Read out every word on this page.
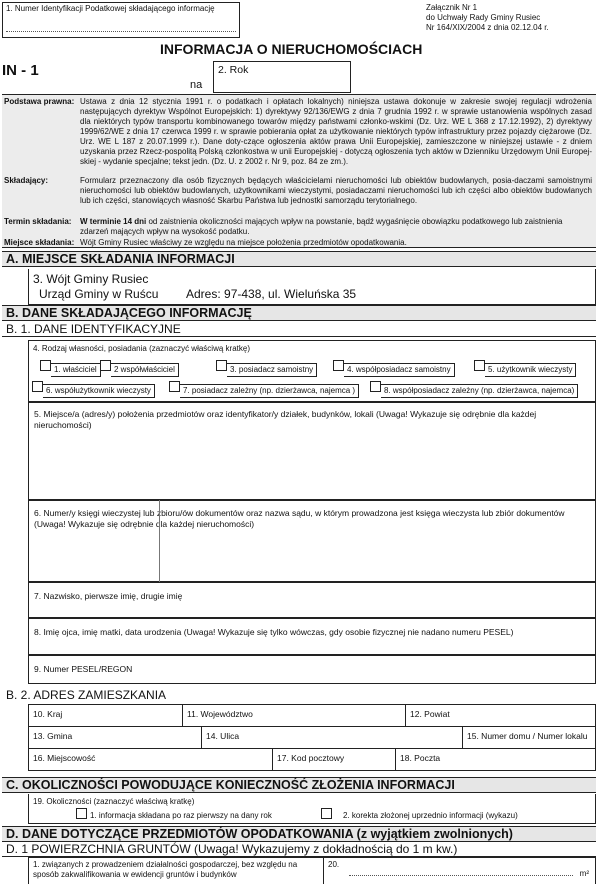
1. Numer Identyfikacji Podatkowej składającego informację	Załącznik Nr 1
do Uchwały Rady Gminy Rusiec
Nr 164/XIX/2004 z dnia 02.12.04 r.
INFORMACJA O NIERUCHOMOŚCIACH
IN - 1
na
2. Rok
Podstawa prawna: Ustawa z dnia 12 stycznia 1991 r. o podatkach i opłatach lokalnych) niniejsza ustawa dokonuje w zakresie swojej regulacji wdrożenia następujących dyrektyw Wspólnot Europejskich: 1) dyrektywy 92/136/EWG z dnia 7 grudnia 1992 r. w sprawie ustanowienia wspólnych zasad dla niektórych typów transportu kombinowanego towarów między państwami członko-wskimi (Dz. Urz. WE L 368 z 17.12.1992), 2) dyrektywy 1999/62/WE z dnia 17 czerwca 1999 r. w sprawie pobierania opłat za użytkowanie niektórych typów infrastruktury przez pojazdy ciężarowe (Dz. Urz. WE L 187 z 20.07.1999 r.). Dane doty-czące ogłoszenia aktów prawa Unii Europejskiej, zamieszczone w niniejszej ustawie - z dniem uzyskania przez Rzecz-pospolitą Polską członkostwa w unii Europejskiej - dotyczą ogłoszenia tych aktów w Dzienniku Urzędowym Unii Europej-skiej - wydanie specjalne; tekst jedn. (Dz. U. z 2002 r. Nr 9, poz. 84 ze zm.).
Składający:	Formularz przeznaczony dla osób fizycznych będących właścicielami nieruchomości lub obiektów budowlanych, posia-daczami samoistnymi nieruchomości lub obiektów budowlanych, użytkownikami wieczystymi, posiadaczami nieruchomości lub ich części albo obiektów budowlanych lub ich części, stanowiących własność Skarbu Państwa lub jednostki samorządu terytorialnego.
Termin składania: W terminie 14 dni od zaistnienia okoliczności mających wpływ na powstanie, bądź wygaśnięcie obowiązku podatkowego lub zaistnienia zdarzeń mających wpływ na wysokość podatku.
Miejsce składania: Wójt Gminy Rusiec właściwy ze względu na miejsce położenia przedmiotów opodatkowania.
A. MIEJSCE SKŁADANIA INFORMACJI
3. Wójt Gminy Rusiec
Urząd Gminy w Ruścu Adres: 97-438, ul. Wieluńska 35
B. DANE SKŁADAJĄCEGO INFORMACJĘ
B. 1. DANE IDENTYFIKACYJNE
4. Rodzaj własności, posiadania (zaznaczyć właściwą kratkę)
1. właściciel	2 współwłaściciel	3. posiadacz samoistny	4. współposiadacz samoistny	5. użytkownik wieczysty
6. współużytkownik wieczysty	7. posiadacz zależny (np. dzierżawca, najemca )	8. współposiadacz zależny (np. dzierżawca, najemca)
5. Miejsce/a (adres/y) położenia przedmiotów oraz identyfikator/y działek, budynków, lokali (Uwaga! Wykazuje się odrębnie dla każdej nieruchomości)
6. Numer/y księgi wieczystej lub zbioru/ów dokumentów oraz nazwa sądu, w którym prowadzona jest księga wieczysta lub zbiór dokumentów (Uwaga! Wykazuje się odrębnie dla każdej nieruchomości)
7. Nazwisko, pierwsze imię, drugie imię
8. Imię ojca, imię matki, data urodzenia (Uwaga! Wykazuje się tylko wówczas, gdy osobie fizycznej nie nadano numeru PESEL)
9. Numer PESEL/REGON
B. 2. ADRES ZAMIESZKANIA
10. Kraj	11. Województwo	12. Powiat
13. Gmina	14. Ulica	15. Numer domu / Numer lokalu
16. Miejscowość	17. Kod pocztowy	18. Poczta
C. OKOLICZNOŚCI POWODUJĄCE KONIECZNOŚĆ ZŁOŻENIA INFORMACJI
19. Okoliczności (zaznaczyć właściwą kratkę)
1. informacja składana po raz pierwszy na dany rok	2. korekta złożonej uprzednio informacji (wykazu)
D. DANE DOTYCZĄCE PRZEDMIOTÓW OPODATKOWANIA (z wyjątkiem zwolnionych)
D. 1 POWIERZCHNIA GRUNTÓW (Uwaga! Wykazujemy z dokładnością do 1 m kw.)
1. związanych z prowadzeniem działalności gospodarczej, bez względu na sposób zakwalifikowania w ewidencji gruntów i budynków
20.
m²
